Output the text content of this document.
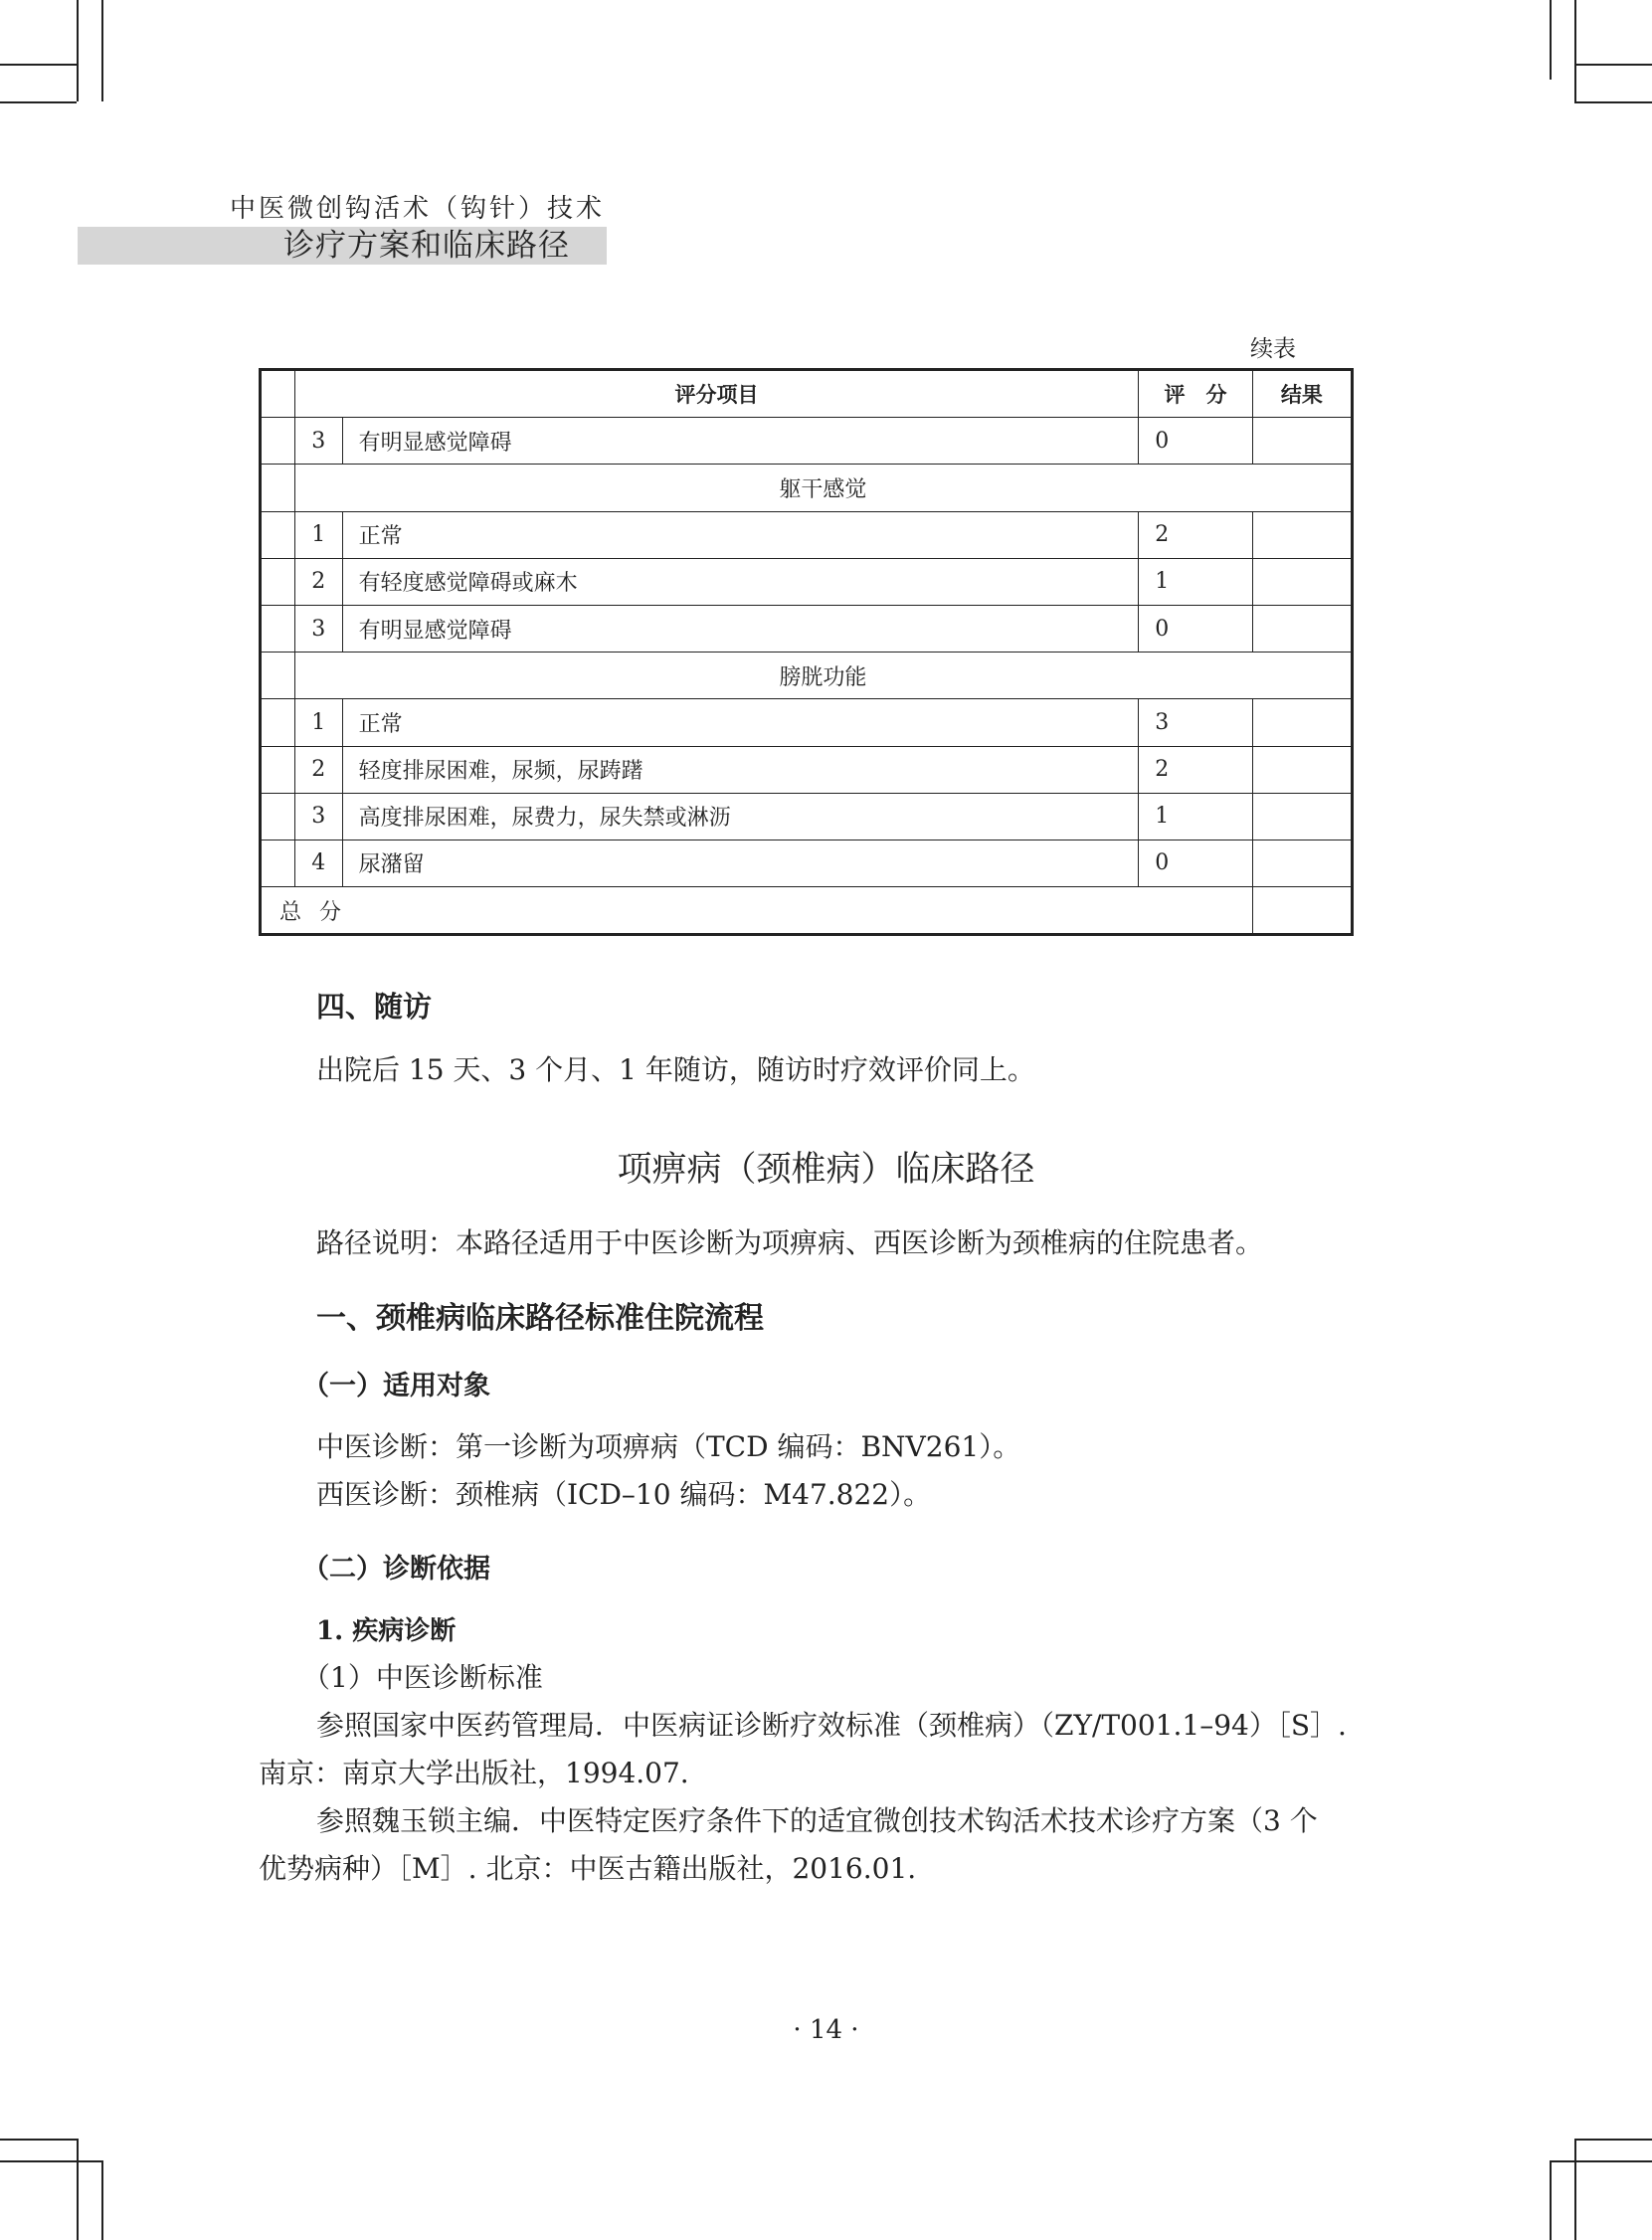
中医微创钩活术（钩针）技术
诊疗方案和临床路径
续表
	评分项目		评　分	结果
	3	有明显感觉障碍	0	
	躯干感觉			
	1	正常	2	
	2	有轻度感觉障碍或麻木	1	
	3	有明显感觉障碍	0	
	膀胱功能			
	1	正常	3	
	2	轻度排尿困难，尿频，尿踌躇	2	
	3	高度排尿困难，尿费力，尿失禁或淋沥	1	
	4	尿潴留	0	
总分				
四、随访
出院后 15 天、3 个月、1 年随访，随访时疗效评价同上。
项痹病（颈椎病）临床路径
路径说明：本路径适用于中医诊断为项痹病、西医诊断为颈椎病的住院患者。
一、颈椎病临床路径标准住院流程
（一）适用对象
中医诊断：第一诊断为项痹病（TCD 编码：BNV261）。
西医诊断：颈椎病（ICD–10 编码：M47.822）。
（二）诊断依据
1. 疾病诊断
（1）中医诊断标准
参照国家中医药管理局．中医病证诊断疗效标准（颈椎病）（ZY/T001.1–94）［S］.
南京：南京大学出版社，1994.07.
参照魏玉锁主编．中医特定医疗条件下的适宜微创技术钩活术技术诊疗方案（3 个
优势病种）［M］. 北京：中医古籍出版社，2016.01.
· 14 ·
